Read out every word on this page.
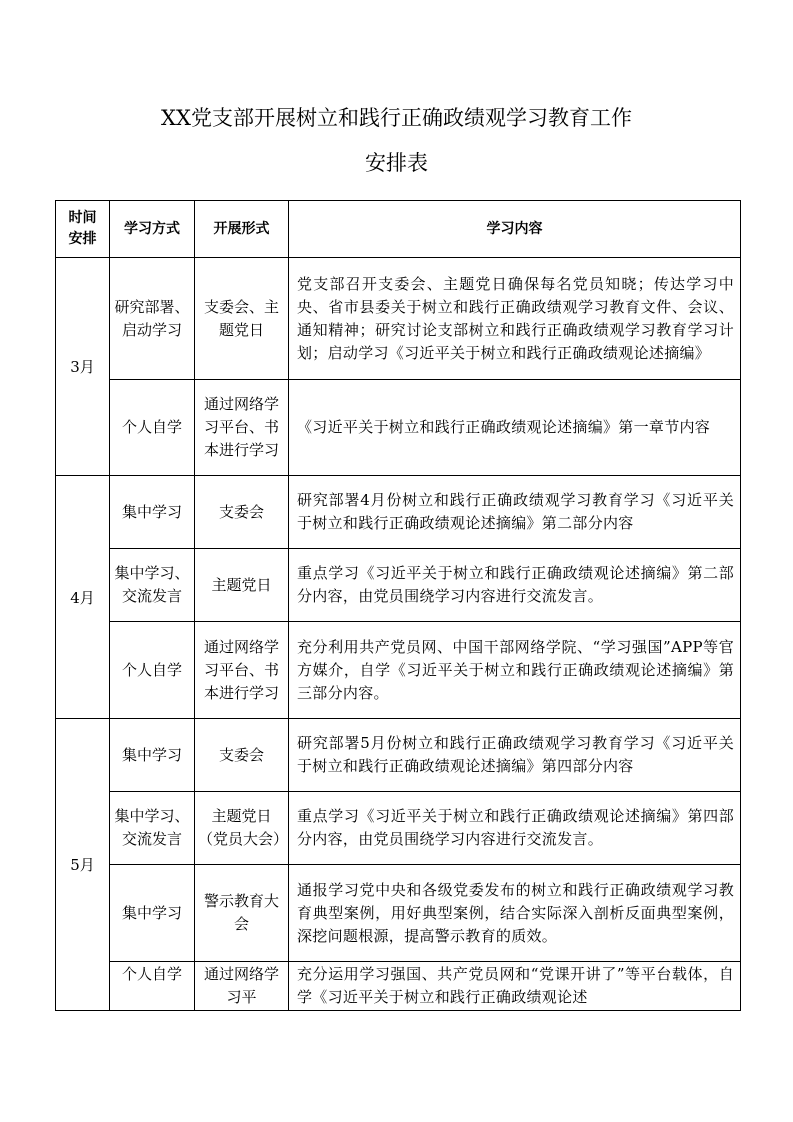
XX党支部开展树立和践行正确政绩观学习教育工作
安排表
时间安排	学习方式	开展形式	学习内容
3月	研究部署、启动学习	支委会、主题党日	党支部召开支委会、主题党日确保每名党员知晓；传达学习中央、省市县委关于树立和践行正确政绩观学习教育文件、会议、通知精神；研究讨论支部树立和践行正确政绩观学习教育学习计划；启动学习《习近平关于树立和践行正确政绩观论述摘编》
	个人自学	通过网络学习平台、书本进行学习	《习近平关于树立和践行正确政绩观论述摘编》第一章节内容
4月	集中学习	支委会	研究部署4月份树立和践行正确政绩观学习教育学习《习近平关于树立和践行正确政绩观论述摘编》第二部分内容
	集中学习、交流发言	主题党日	重点学习《习近平关于树立和践行正确政绩观论述摘编》第二部分内容，由党员围绕学习内容进行交流发言。
	个人自学	通过网络学习平台、书本进行学习	充分利用共产党员网、中国干部网络学院、“学习强国”APP等官方媒介，自学《习近平关于树立和践行正确政绩观论述摘编》第三部分内容。
5月	集中学习	支委会	研究部署5月份树立和践行正确政绩观学习教育学习《习近平关于树立和践行正确政绩观论述摘编》第四部分内容
	集中学习、交流发言	主题党日（党员大会）	重点学习《习近平关于树立和践行正确政绩观论述摘编》第四部分内容，由党员围绕学习内容进行交流发言。
	集中学习	警示教育大会	通报学习党中央和各级党委发布的树立和践行正确政绩观学习教育典型案例，用好典型案例，结合实际深入剖析反面典型案例，深挖问题根源，提高警示教育的质效。
	个人自学	通过网络学习平	充分运用学习强国、共产党员网和“党课开讲了”等平台载体，自学《习近平关于树立和践行正确政绩观论述
